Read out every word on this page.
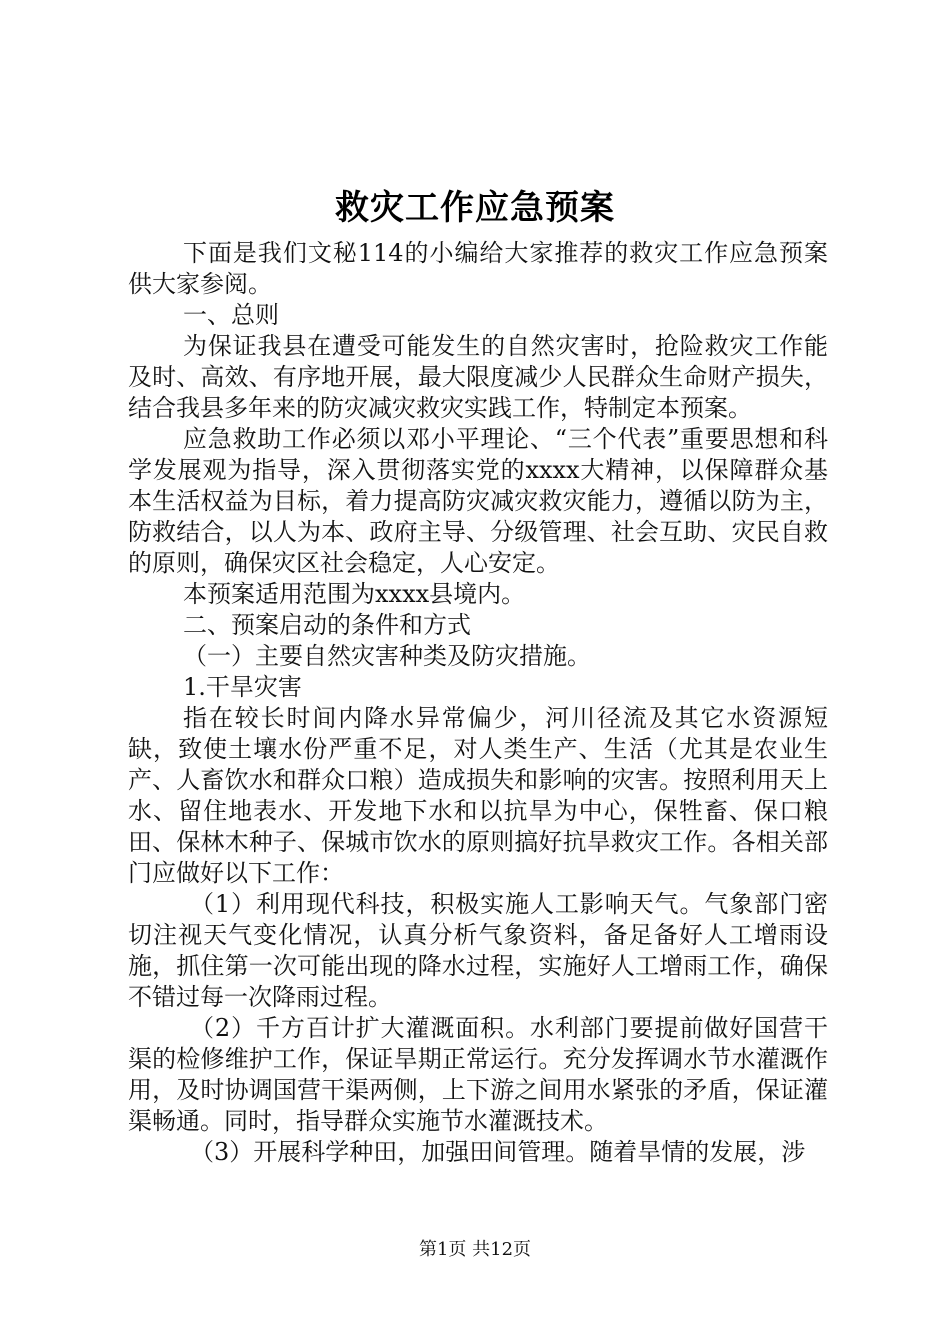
救灾工作应急预案

下面是我们文秘114的小编给大家推荐的救灾工作应急预案供大家参阅。

一、总则

为保证我县在遭受可能发生的自然灾害时，抢险救灾工作能及时、高效、有序地开展，最大限度减少人民群众生命财产损失，结合我县多年来的防灾减灾救灾实践工作，特制定本预案。

应急救助工作必须以邓小平理论、“三个代表”重要思想和科学发展观为指导，深入贯彻落实党的xxxx大精神，以保障群众基本生活权益为目标，着力提高防灾减灾救灾能力，遵循以防为主，防救结合，以人为本、政府主导、分级管理、社会互助、灾民自救的原则，确保灾区社会稳定，人心安定。

本预案适用范围为xxxx县境内。

二、预案启动的条件和方式

（一）主要自然灾害种类及防灾措施。

1.干旱灾害

指在较长时间内降水异常偏少，河川径流及其它水资源短缺，致使土壤水份严重不足，对人类生产、生活（尤其是农业生产、人畜饮水和群众口粮）造成损失和影响的灾害。按照利用天上水、留住地表水、开发地下水和以抗旱为中心，保牲畜、保口粮田、保林木种子、保城市饮水的原则搞好抗旱救灾工作。各相关部门应做好以下工作：

（1）利用现代科技，积极实施人工影响天气。气象部门密切注视天气变化情况，认真分析气象资料，备足备好人工增雨设施，抓住第一次可能出现的降水过程，实施好人工增雨工作，确保不错过每一次降雨过程。

（2）千方百计扩大灌溉面积。水利部门要提前做好国营干渠的检修维护工作，保证旱期正常运行。充分发挥调水节水灌溉作用，及时协调国营干渠两侧，上下游之间用水紧张的矛盾，保证灌渠畅通。同时，指导群众实施节水灌溉技术。

（3）开展科学种田，加强田间管理。随着旱情的发展，涉

第1页 共12页
